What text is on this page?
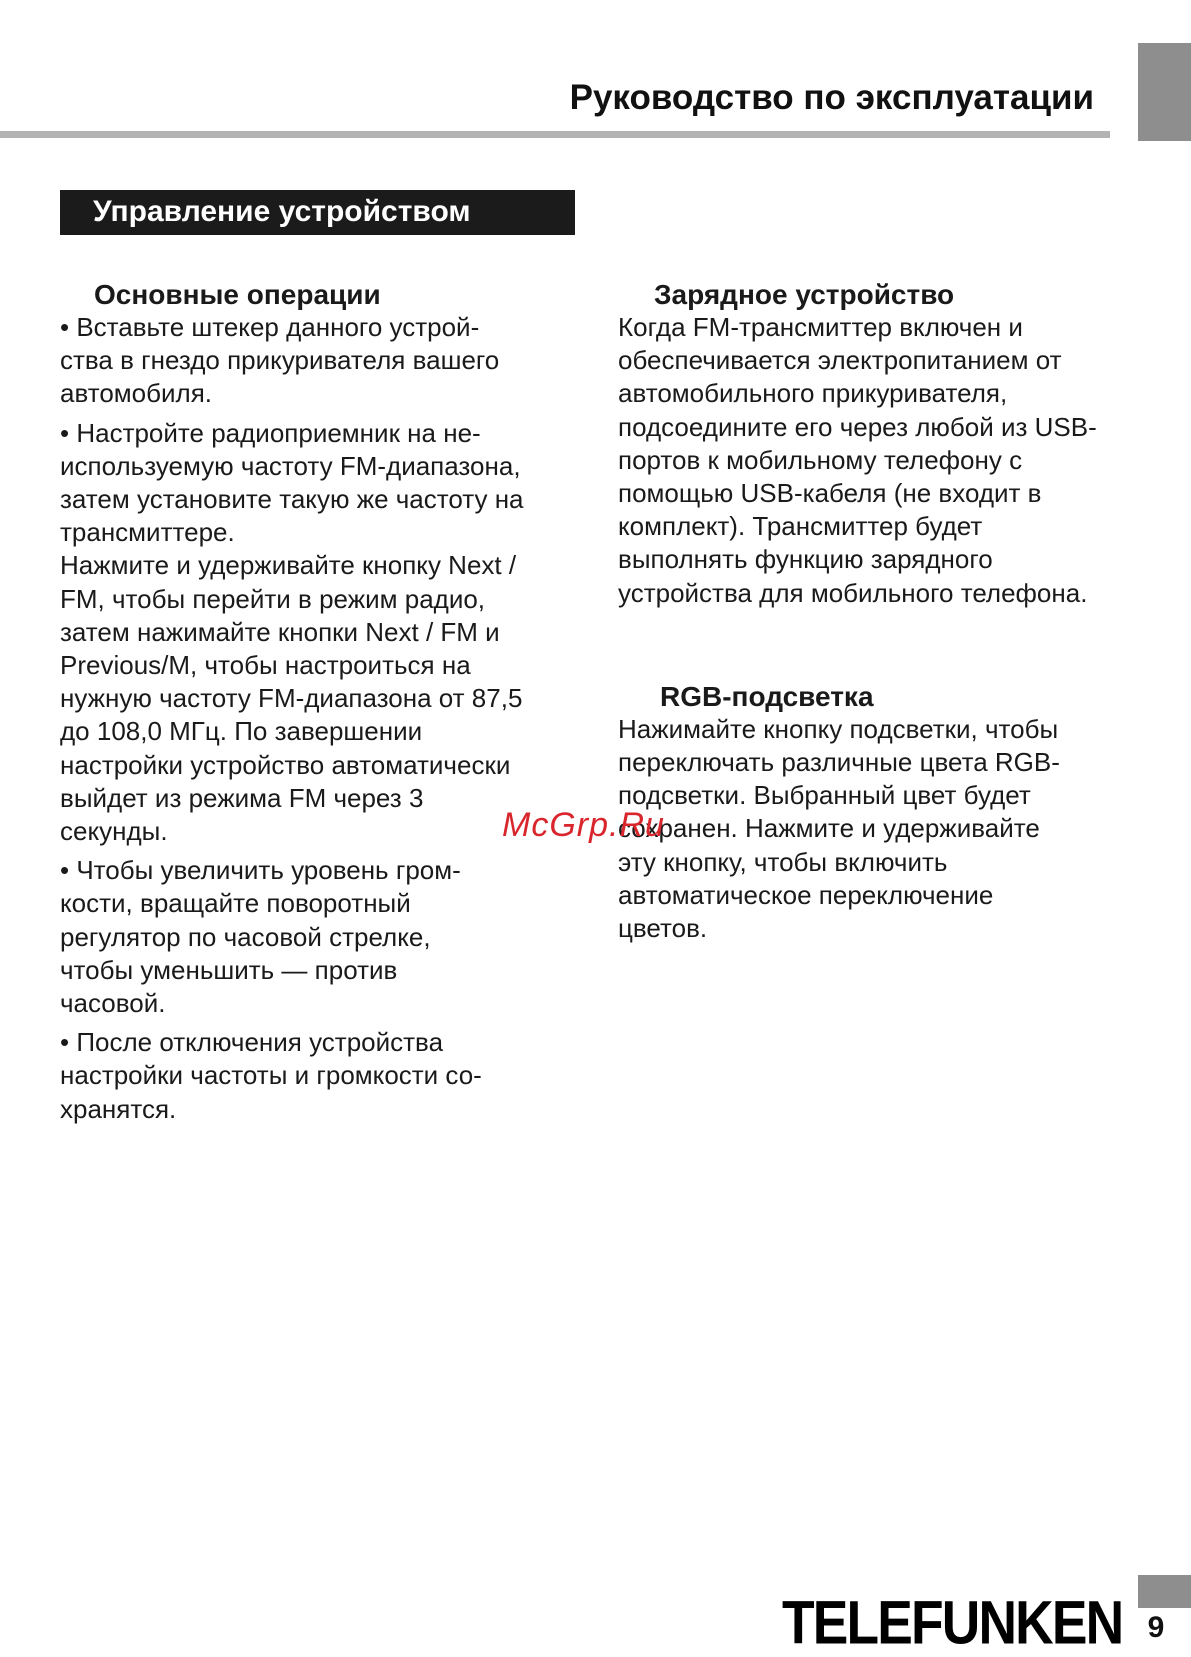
Руководство по эксплуатации
Управление устройством

Основные операции

• Вставьте штекер данного устрой-
ства в гнездо прикуривателя вашего
автомобиля.

• Настройте радиоприемник на не-
используемую частоту FM-диапазона,
затем установите такую же частоту на
трансмиттере.
Нажмите и удерживайте кнопку Next /
FM, чтобы перейти в режим радио,
затем нажимайте кнопки Next / FM и
Previous/M, чтобы настроиться на
нужную частоту FM-диапазона от 87,5
до 108,0 МГц. По завершении
настройки устройство автоматически
выйдет из режима FM через 3
секунды.

• Чтобы увеличить уровень гром-
кости, вращайте поворотный
регулятор по часовой стрелке,
чтобы уменьшить — против
часовой.

• После отключения устройства
настройки частоты и громкости со-
хранятся.

Зарядное устройство

Когда FM-трансмиттер включен и
обеспечивается электропитанием от
автомобильного прикуривателя,
подсоедините его через любой из USB-
портов к мобильному телефону с
помощью USB-кабеля (не входит в
комплект). Трансмиттер будет
выполнять функцию зарядного
устройства для мобильного телефона.

RGB-подсветка

Нажимайте кнопку подсветки, чтобы
переключать различные цвета RGB-
подсветки. Выбранный цвет будет
сохранен. Нажмите и удерживайте
эту кнопку, чтобы включить
автоматическое переключение
цветов.

McGrp.Ru
TELEFUNKEN 9
